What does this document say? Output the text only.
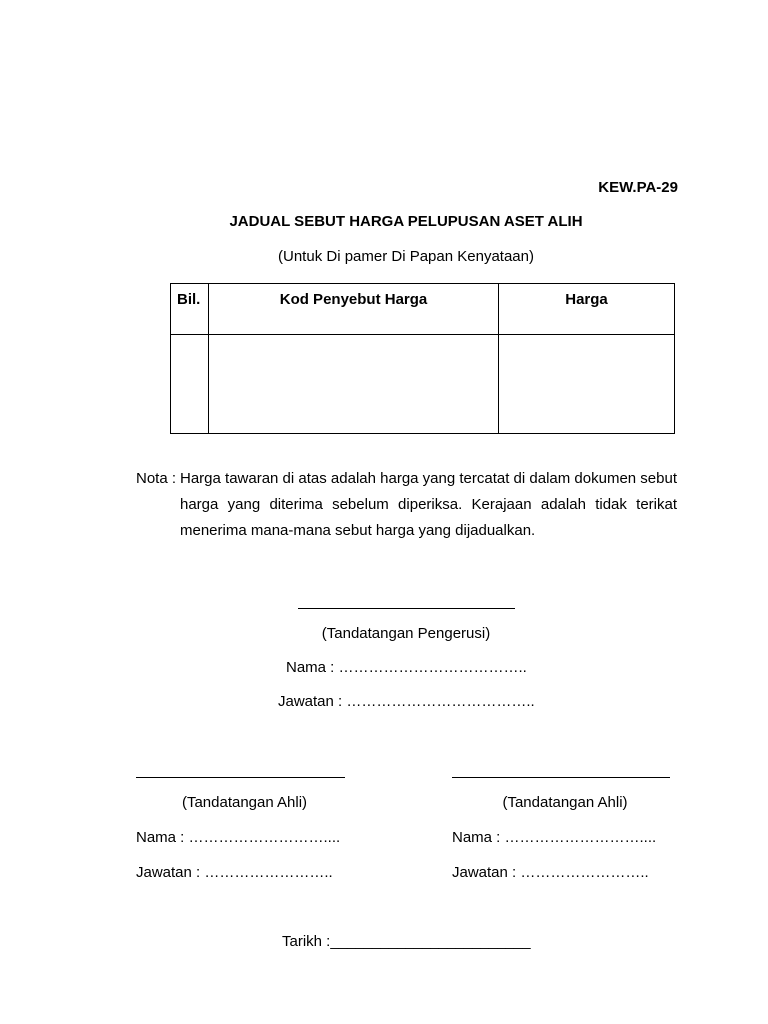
KEW.PA-29
JADUAL SEBUT HARGA PELUPUSAN ASET ALIH
(Untuk Di pamer Di Papan Kenyataan)
Bil.	Kod Penyebut Harga	Harga

Nota : Harga tawaran di atas adalah harga yang tercatat di dalam dokumen sebut harga yang diterima sebelum diperiksa. Kerajaan adalah tidak terikat menerima mana-mana sebut harga yang dijadualkan.
(Tandatangan Pengerusi)
Nama : ………………………………..
Jawatan : ………………………………..
(Tandatangan Ahli)
Nama : ………………………....
Jawatan : ……………………..
(Tandatangan Ahli)
Nama : ………………………....
Jawatan : ……………………..
Tarikh :________________________
